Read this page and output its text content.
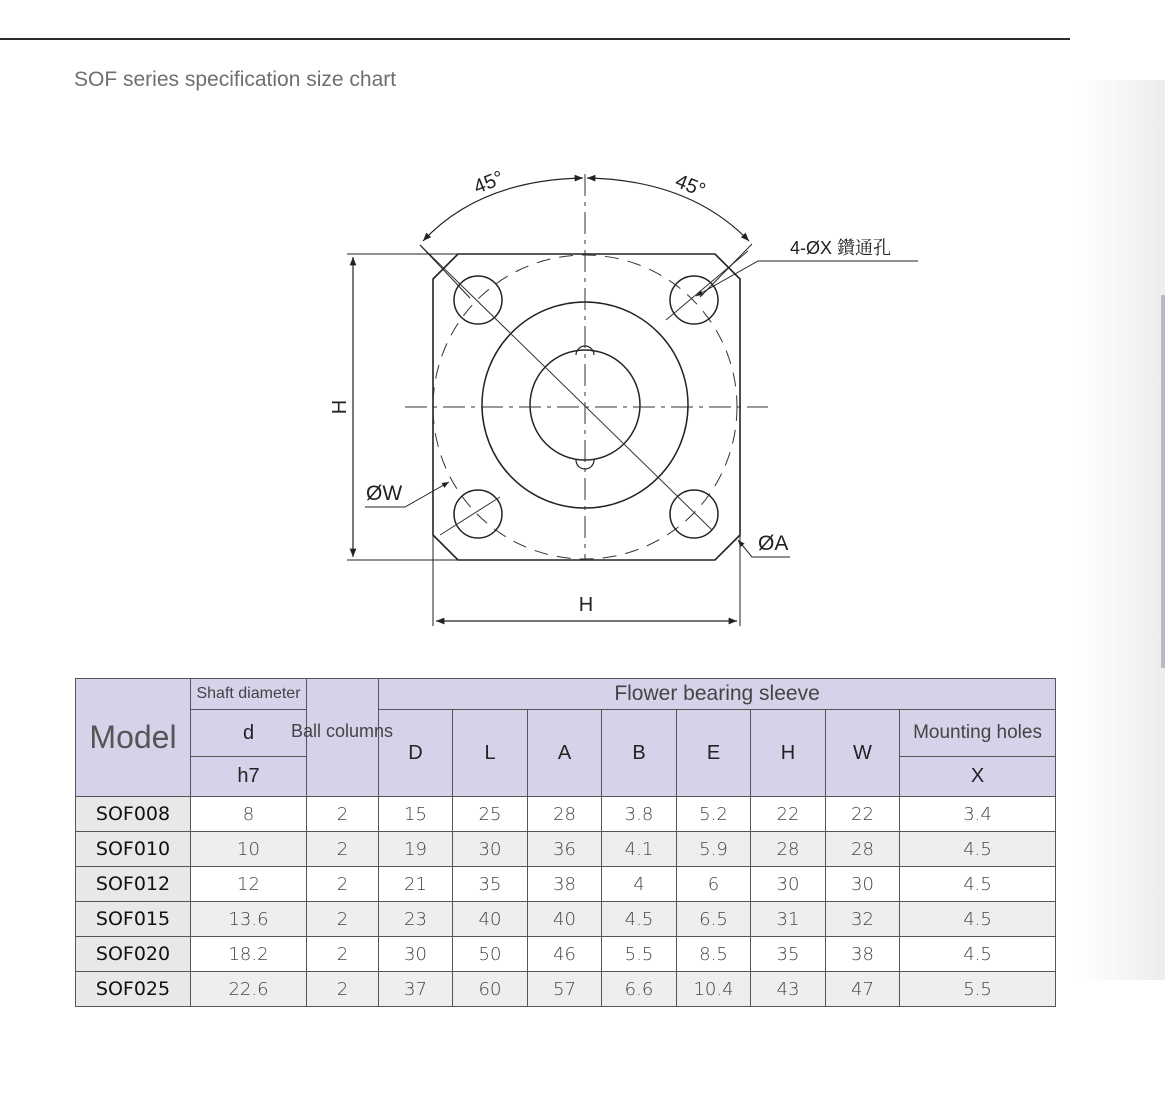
SOF series specification size chart
45°	45°
4-ØX 鑽通孔
H
H
ØW
ØA
Model	Shaft diameter	Ball columns	Flower bearing sleeve							
	d		D	L	A	B	E	H	W	Mounting holes
	h7									X
SOF008	8	2	15	25	28	3.8	5.2	22	22	3.4
SOF010	10	2	19	30	36	4.1	5.9	28	28	4.5
SOF012	12	2	21	35	38	4	6	30	30	4.5
SOF015	13.6	2	23	40	40	4.5	6.5	31	32	4.5
SOF020	18.2	2	30	50	46	5.5	8.5	35	38	4.5
SOF025	22.6	2	37	60	57	6.6	10.4	43	47	5.5
